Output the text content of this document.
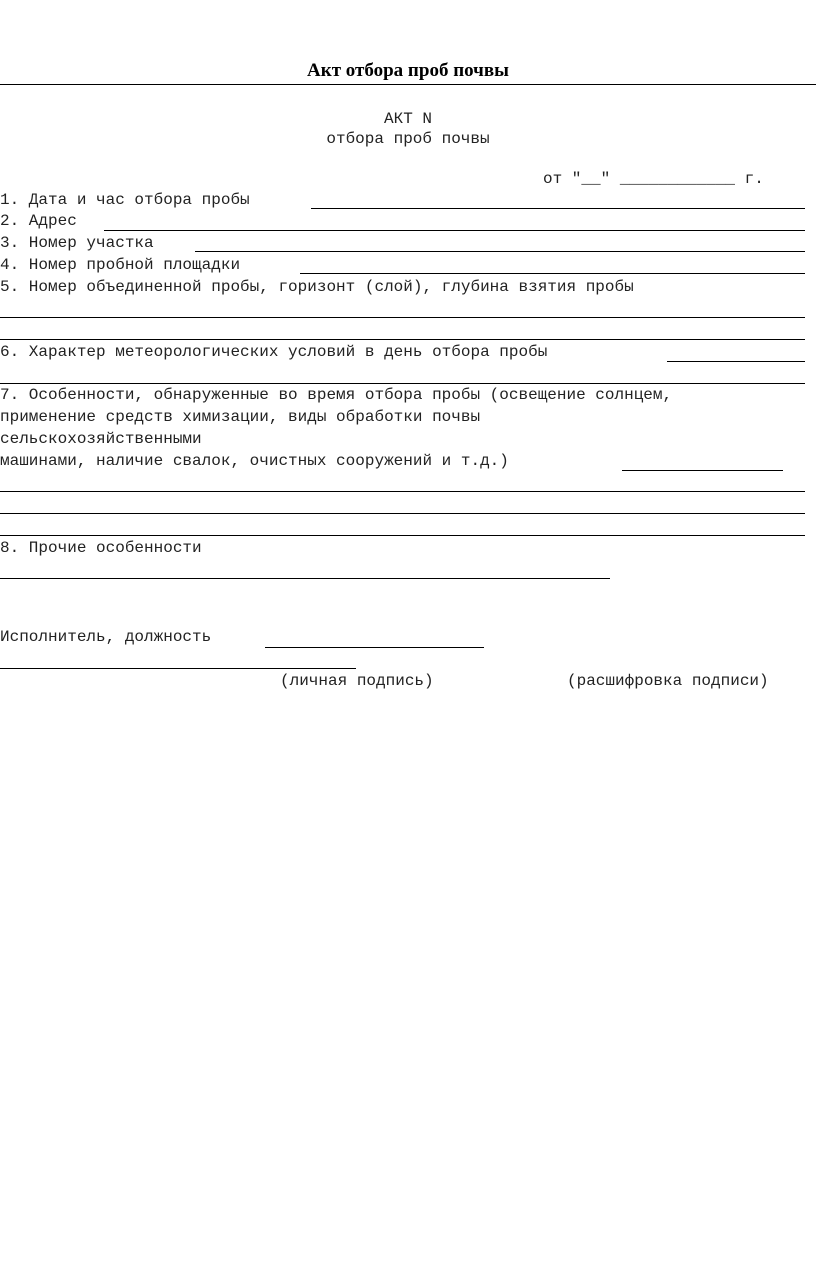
Акт отбора проб почвы
АКТ N
отбора проб почвы
от "__" ____________ г.
1. Дата и час отбора пробы
2. Адрес
3. Номер участка
4. Номер пробной площадки
5. Номер объединенной пробы, горизонт (слой), глубина взятия пробы
6. Характер метеорологических условий в день отбора пробы
7. Особенности, обнаруженные во время отбора пробы (освещение солнцем,
применение средств химизации, виды обработки почвы
сельскохозяйственными
машинами, наличие свалок, очистных сооружений и т.д.)
8. Прочие особенности
Исполнитель, должность
(личная подпись)	(расшифровка подписи)
